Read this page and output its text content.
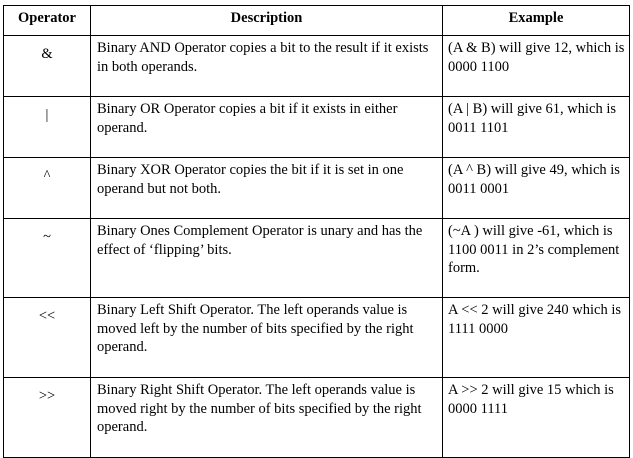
Operator	Description	Example
&	Binary AND Operator copies a bit to the result if it exists in both operands.	(A & B) will give 12, which is 0000 1100
|	Binary OR Operator copies a bit if it exists in either operand.	(A | B) will give 61, which is 0011 1101
^	Binary XOR Operator copies the bit if it is set in one operand but not both.	(A ^ B) will give 49, which is 0011 0001
~	Binary Ones Complement Operator is unary and has the effect of ‘flipping’ bits.	(~A ) will give -61, which is 1100 0011 in 2’s complement form.
<<	Binary Left Shift Operator. The left operands value is moved left by the number of bits specified by the right operand.	A << 2 will give 240 which is 1111 0000
>>	Binary Right Shift Operator. The left operands value is moved right by the number of bits specified by the right operand.	A >> 2 will give 15 which is 0000 1111
